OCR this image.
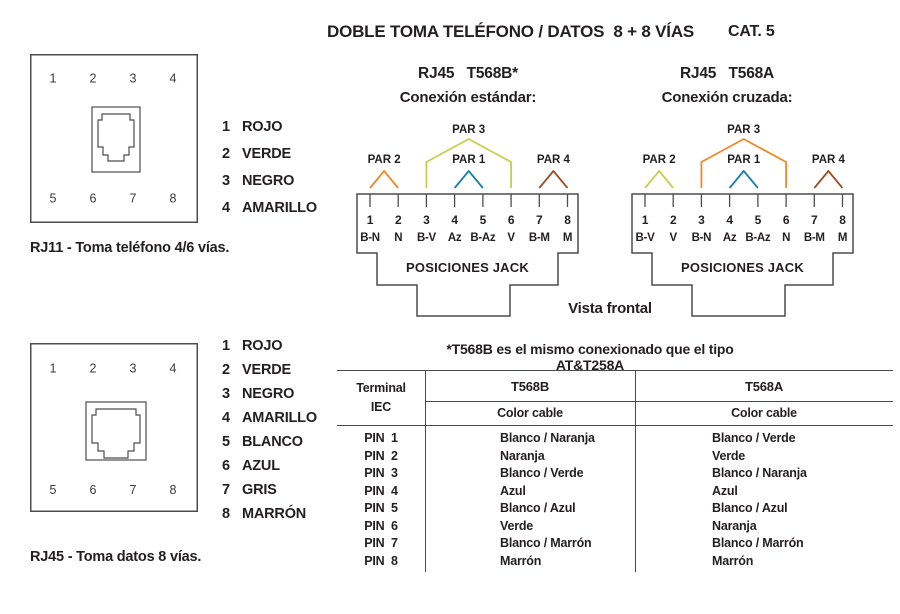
DOBLE TOMA TELÉFONO / DATOS  8 + 8 VÍAS CAT. 5
1	2	3	4
5	6	7	8
1 ROJO
2 VERDE
3 NEGRO
4 AMARILLO
RJ11 - Toma teléfono 4/6 vías.
1	2	3	4
5	6	7	8
1 ROJO
2 VERDE
3 NEGRO
4 AMARILLO
5 BLANCO
6 AZUL
7 GRIS
8 MARRÓN
RJ45 - Toma datos 8 vías.
RJ45   T568B*
Conexión estándar:
PAR 3
PAR 2	PAR 1	PAR 4
1 2 3 4 5 6 7 8
B-N N B-V Az B-Az V B-M M
POSICIONES JACK
RJ45   T568A
Conexión cruzada:
PAR 3
PAR 2	PAR 1	PAR 4
1 2 3 4 5 6 7 8
B-V V B-N Az B-Az N B-M M
POSICIONES JACK
Vista frontal
*T568B es el mismo conexionado que el tipo AT&T258A
Terminal
IEC
T568B	T568A
Color cable	Color cable
PIN  1	Blanco / Naranja	Blanco / Verde
PIN  2	Naranja	Verde
PIN  3	Blanco / Verde	Blanco / Naranja
PIN  4	Azul	Azul
PIN  5	Blanco / Azul	Blanco / Azul
PIN  6	Verde	Naranja
PIN  7	Blanco / Marrón	Blanco / Marrón
PIN  8	Marrón	Marrón
